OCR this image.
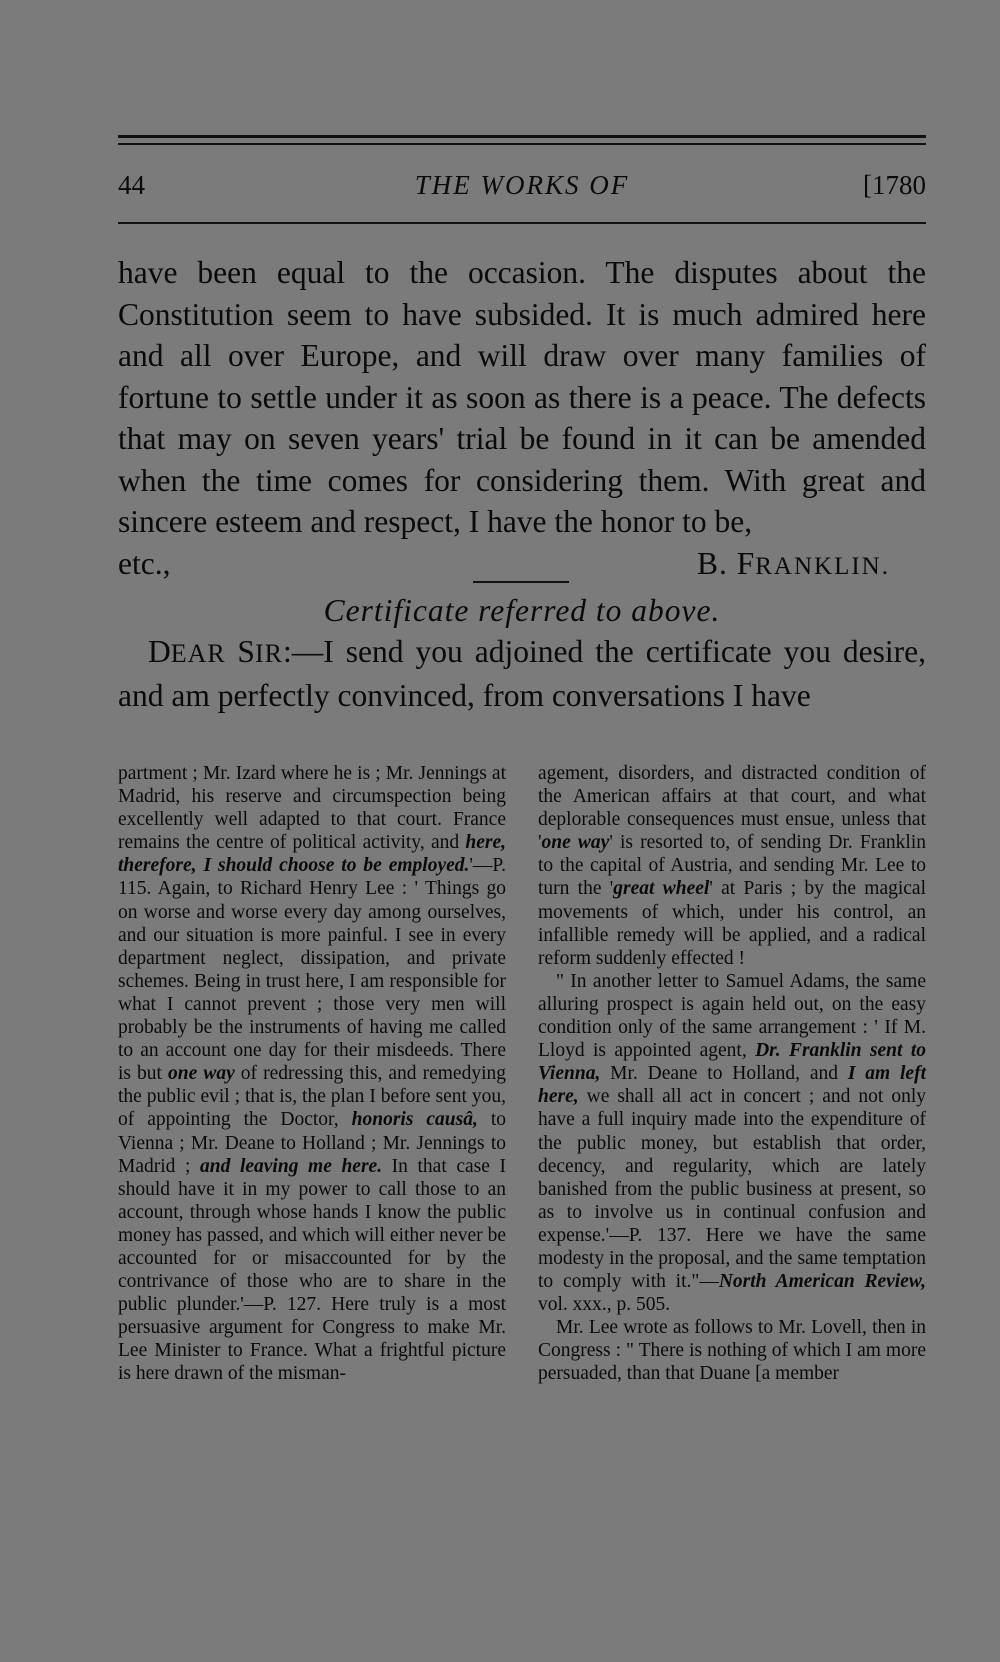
44	THE WORKS OF	[1780

have been equal to the occasion. The disputes about the Constitution seem to have subsided. It is much admired here and all over Europe, and will draw over many families of fortune to settle under it as soon as there is a peace. The defects that may on seven years' trial be found in it can be amended when the time comes for considering them. With great and sincere esteem and respect, I have the honor to be,

etc.,	B. FRANKLIN.
Certificate referred to above.

DEAR SIR:—I send you adjoined the certificate you desire, and am perfectly convinced, from conversations I have

partment ; Mr. Izard where he is ; Mr. Jennings at Madrid, his reserve and circumspection being excellently well adapted to that court. France remains the centre of political activity, and here, therefore, I should choose to be employed.'—P. 115. Again, to Richard Henry Lee : ' Things go on worse and worse every day among ourselves, and our situation is more painful. I see in every department neglect, dissipation, and private schemes. Being in trust here, I am responsible for what I cannot prevent ; those very men will probably be the instruments of having me called to an account one day for their misdeeds. There is but one way of redressing this, and remedying the public evil ; that is, the plan I before sent you, of appointing the Doctor, honoris causâ, to Vienna ; Mr. Deane to Holland ; Mr. Jennings to Madrid ; and leaving me here. In that case I should have it in my power to call those to an account, through whose hands I know the public money has passed, and which will either never be accounted for or misaccounted for by the contrivance of those who are to share in the public plunder.'—P. 127. Here truly is a most persuasive argument for Congress to make Mr. Lee Minister to France. What a frightful picture is here drawn of the misman-

agement, disorders, and distracted condition of the American affairs at that court, and what deplorable consequences must ensue, unless that 'one way' is resorted to, of sending Dr. Franklin to the capital of Austria, and sending Mr. Lee to turn the 'great wheel' at Paris ; by the magical movements of which, under his control, an infallible remedy will be applied, and a radical reform suddenly effected !

" In another letter to Samuel Adams, the same alluring prospect is again held out, on the easy condition only of the same arrangement : ' If M. Lloyd is appointed agent, Dr. Franklin sent to Vienna, Mr. Deane to Holland, and I am left here, we shall all act in concert ; and not only have a full inquiry made into the expenditure of the public money, but establish that order, decency, and regularity, which are lately banished from the public business at present, so as to involve us in continual confusion and expense.'—P. 137. Here we have the same modesty in the proposal, and the same temptation to comply with it."—North American Review, vol. xxx., p. 505.

Mr. Lee wrote as follows to Mr. Lovell, then in Congress : " There is nothing of which I am more persuaded, than that Duane [a member
